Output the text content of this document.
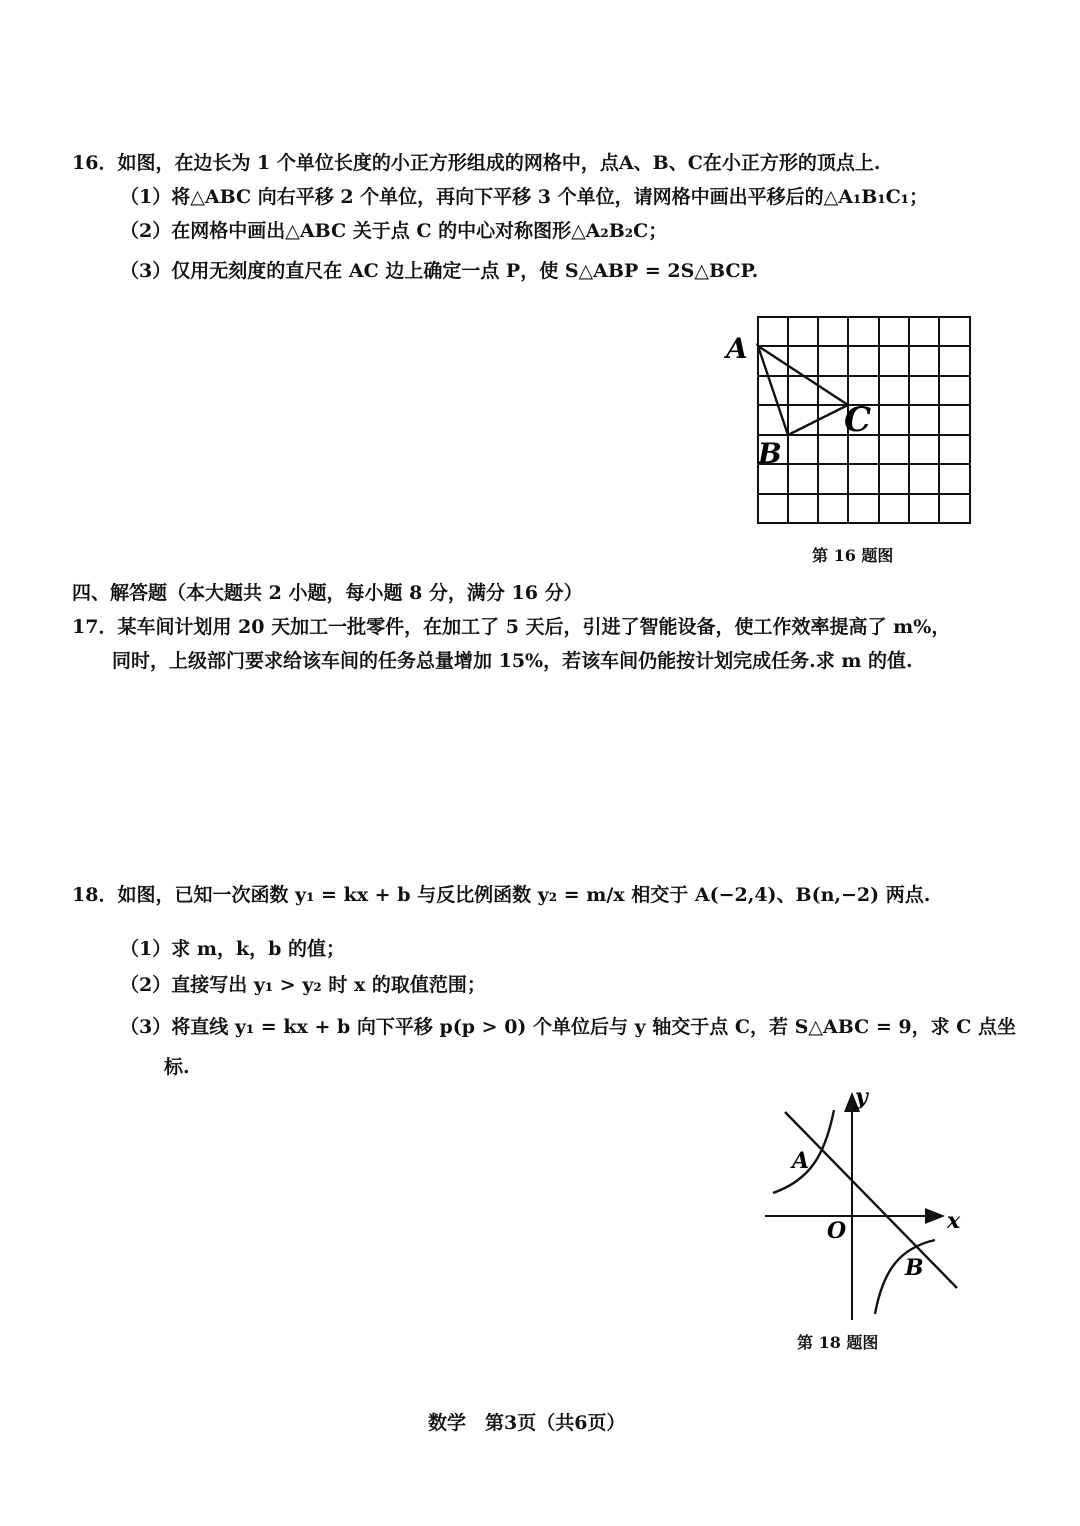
16．如图，在边长为 1 个单位长度的小正方形组成的网格中，点A、B、C在小正方形的顶点上.
（1）将△ABC 向右平移 2 个单位，再向下平移 3 个单位，请网格中画出平移后的△A₁B₁C₁；
（2）在网格中画出△ABC 关于点 C 的中心对称图形△A₂B₂C；
（3）仅用无刻度的直尺在 AC 边上确定一点 P，使 S△ABP = 2S△BCP.
A
B
C
第 16 题图
四、解答题（本大题共 2 小题，每小题 8 分，满分 16 分）
17．某车间计划用 20 天加工一批零件，在加工了 5 天后，引进了智能设备，使工作效率提高了 m%，
同时，上级部门要求给该车间的任务总量增加 15%，若该车间仍能按计划完成任务.求 m 的值.
18．如图，已知一次函数 y₁ = kx + b 与反比例函数 y₂ = m/x 相交于 A(−2,4)、B(n,−2) 两点.
（1）求 m，k，b 的值；
（2）直接写出 y₁ > y₂ 时 x 的取值范围；
（3）将直线 y₁ = kx + b 向下平移 p(p > 0) 个单位后与 y 轴交于点 C，若 S△ABC = 9，求 C 点坐
标.
y
x
O
A
B
第 18 题图
数学　第3页（共6页）
